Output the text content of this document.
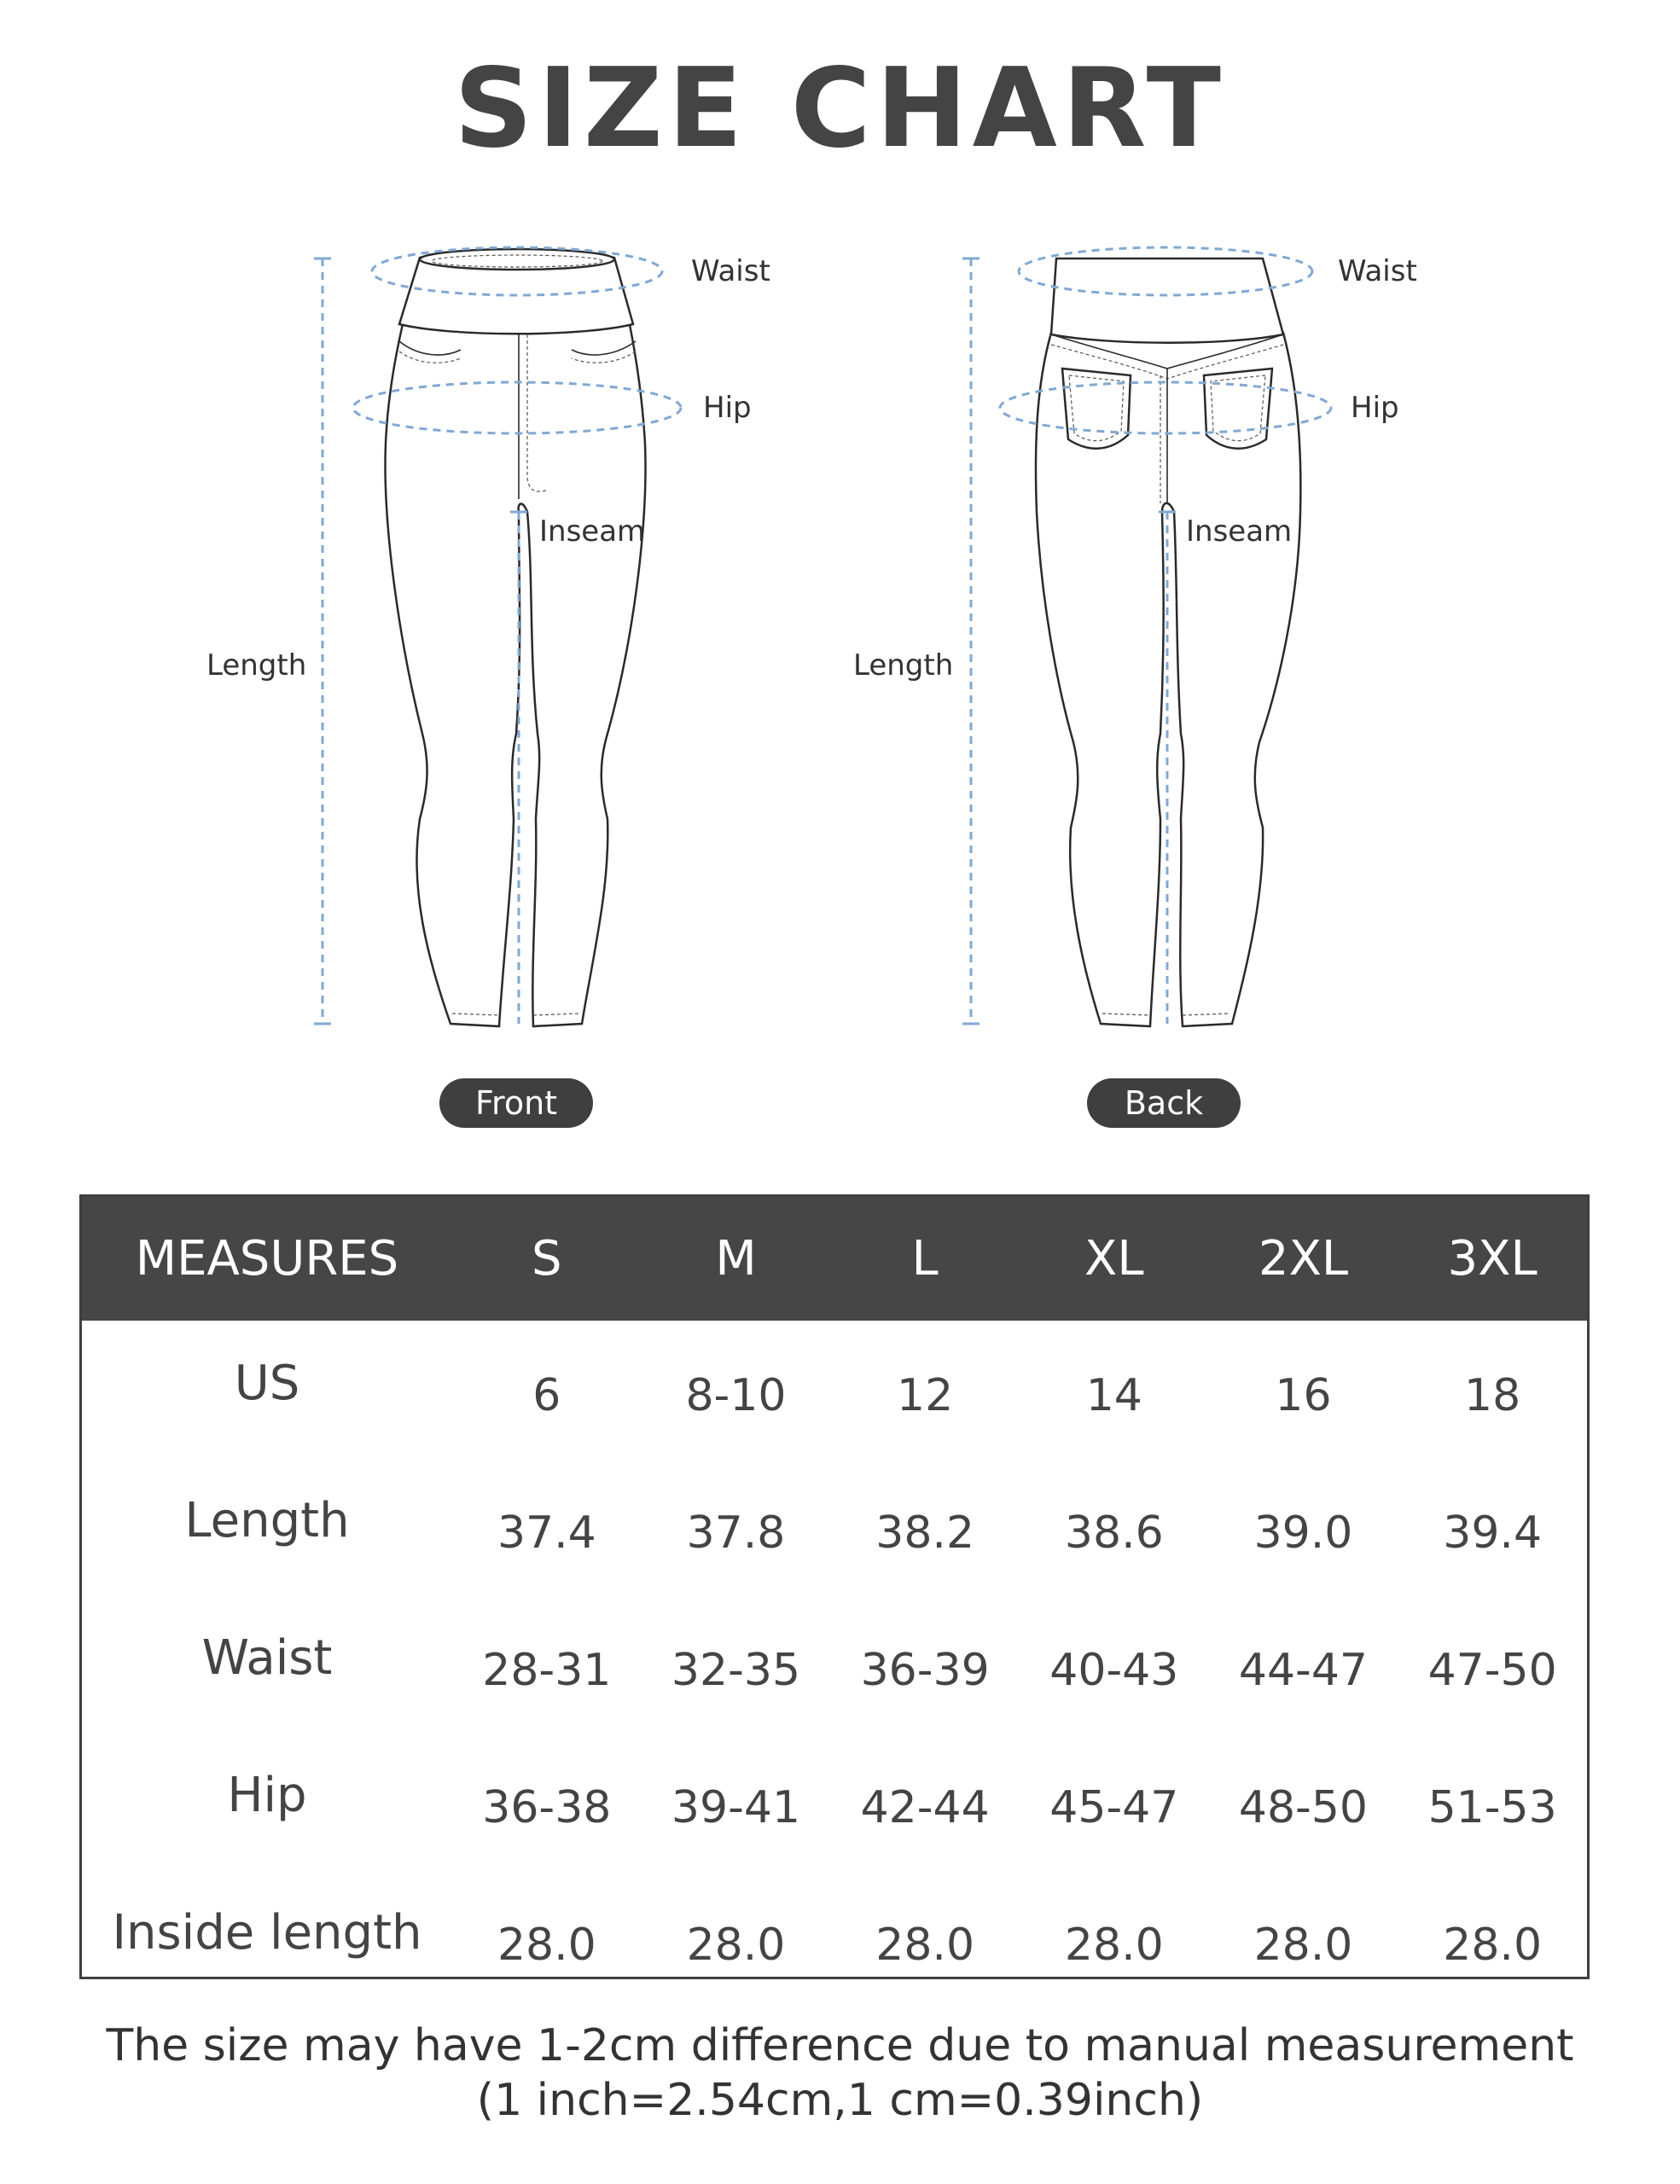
SIZE CHART
Waist
Hip
Inseam
Length
Front
Waist
Hip
Inseam
Length
Back
MEASURES	S	M	L	XL	2XL	3XL
US	6	8-10	12	14	16	18
Length	37.4	37.8	38.2	38.6	39.0	39.4
Waist	28-31	32-35	36-39	40-43	44-47	47-50
Hip	36-38	39-41	42-44	45-47	48-50	51-53
Inside length	28.0	28.0	28.0	28.0	28.0	28.0
The size may have 1-2cm difference due to manual measurement
(1 inch=2.54cm,1 cm=0.39inch)
